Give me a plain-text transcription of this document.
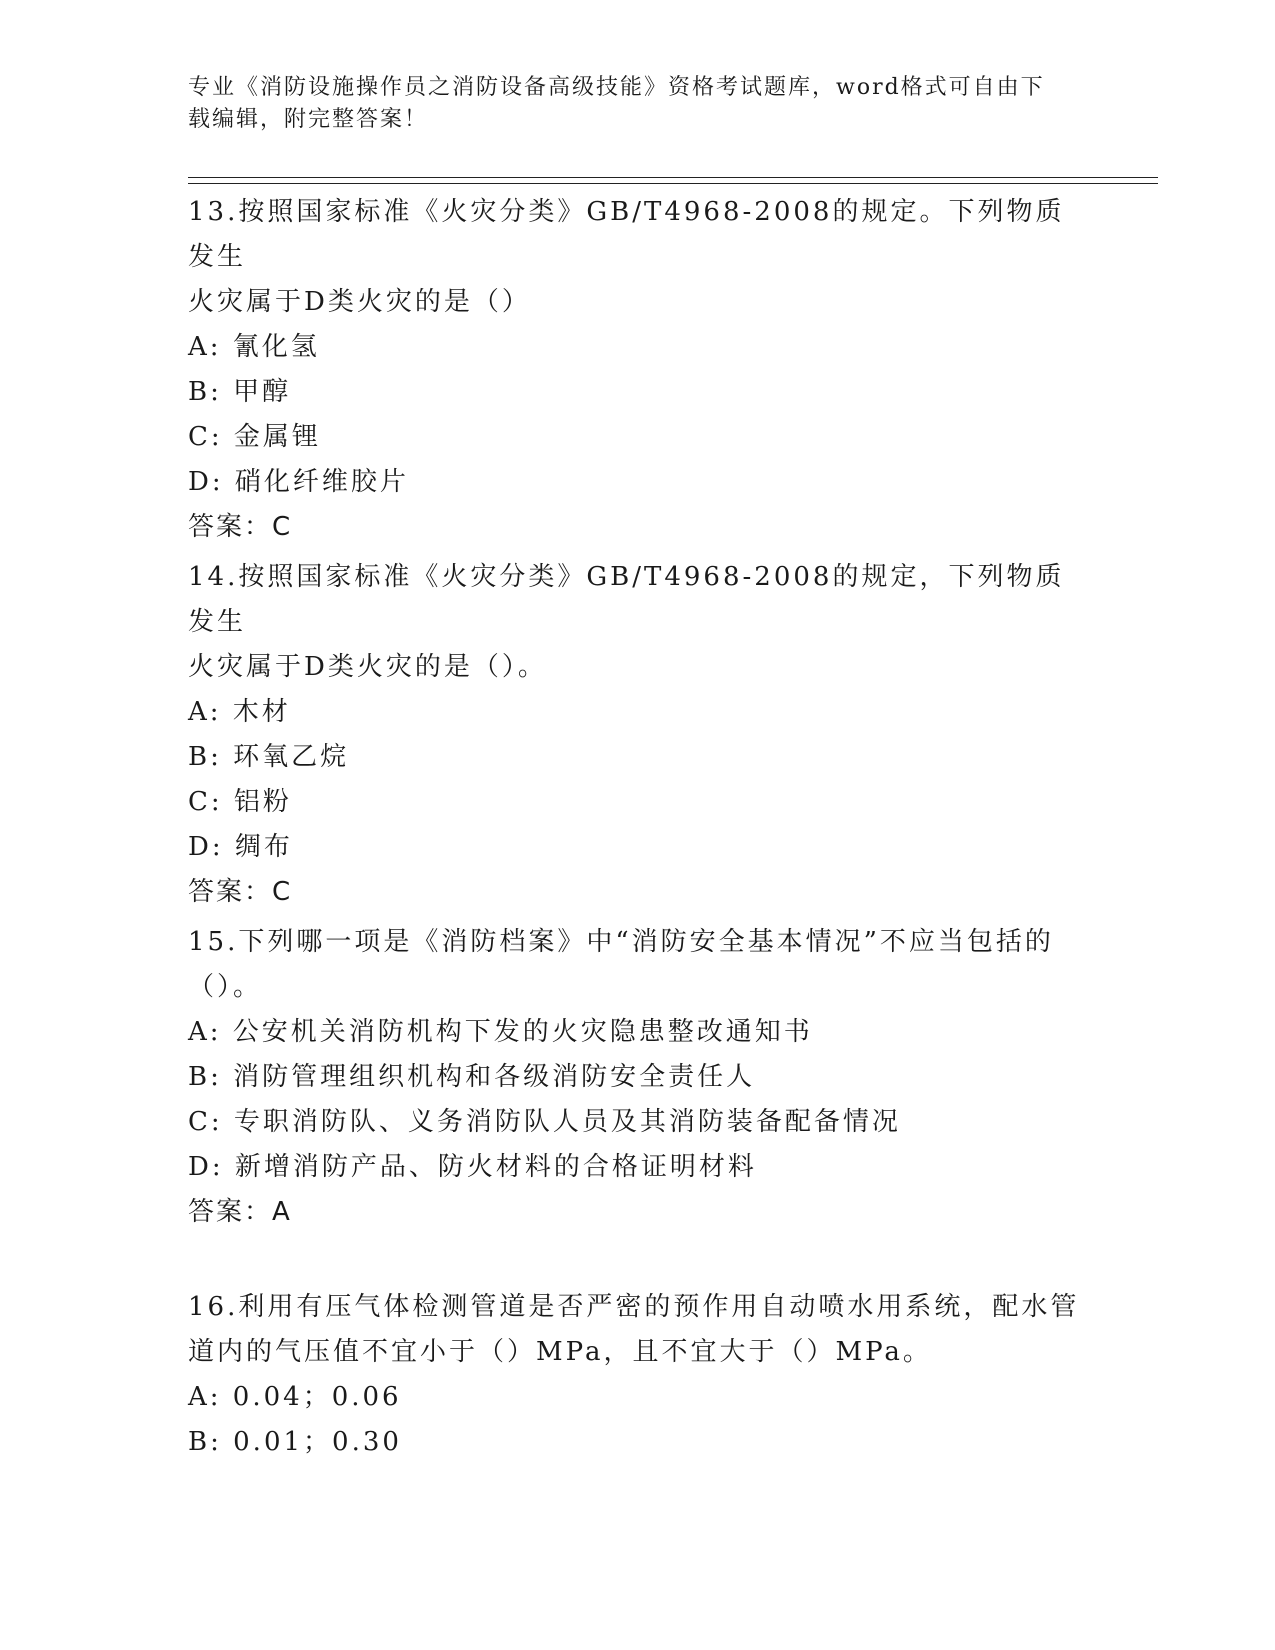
专业《消防设施操作员之消防设备高级技能》资格考试题库，word格式可自由下
载编辑，附完整答案！

13.按照国家标准《火灾分类》GB/T4968-2008的规定。下列物质发生

火灾属于D类火灾的是（）

A: 氰化氢

B: 甲醇

C: 金属锂

D: 硝化纤维胶片

答案：C

14.按照国家标准《火灾分类》GB/T4968-2008的规定，下列物质发生

火灾属于D类火灾的是（）。

A: 木材

B: 环氧乙烷

C: 铝粉

D: 绸布

答案：C

15.下列哪一项是《消防档案》中“消防安全基本情况”不应当包括的

（）。

A: 公安机关消防机构下发的火灾隐患整改通知书

B: 消防管理组织机构和各级消防安全责任人

C: 专职消防队、义务消防队人员及其消防装备配备情况

D: 新增消防产品、防火材料的合格证明材料

答案：A

16.利用有压气体检测管道是否严密的预作用自动喷水用系统，配水管

道内的气压值不宜小于（）MPa，且不宜大于（）MPa。

A: 0.04；0.06

B: 0.01；0.30
